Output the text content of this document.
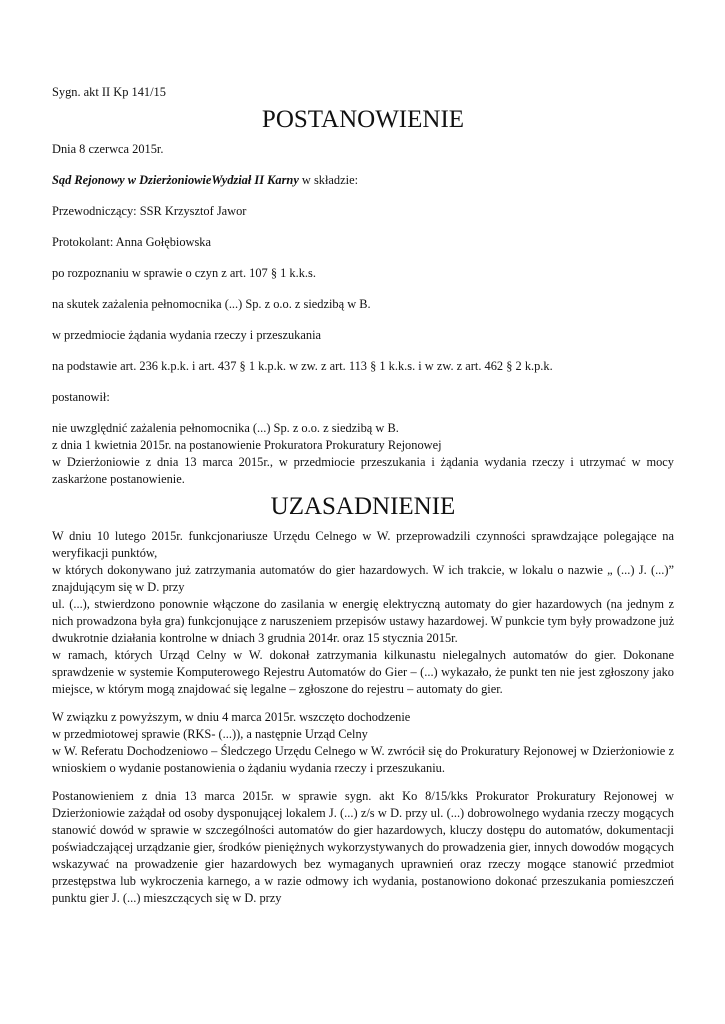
Sygn. akt II Kp 141/15
POSTANOWIENIE
Dnia 8 czerwca 2015r.
Sąd Rejonowy w DzierżoniowieWydział II Karny w składzie:
Przewodniczący: SSR Krzysztof Jawor
Protokolant: Anna Gołębiowska
po rozpoznaniu w sprawie o czyn z art. 107 § 1 k.k.s.
na skutek zażalenia pełnomocnika (...) Sp. z o.o. z siedzibą w B.
w przedmiocie żądania wydania rzeczy i przeszukania
na podstawie art. 236 k.p.k. i art. 437 § 1 k.p.k. w zw. z art. 113 § 1 k.k.s. i w zw. z art. 462 § 2 k.p.k.
postanowił:
nie uwzględnić zażalenia pełnomocnika (...) Sp. z o.o. z siedzibą w B.
z dnia 1 kwietnia 2015r. na postanowienie Prokuratora Prokuratury Rejonowej
w Dzierżoniowie z dnia 13 marca 2015r., w przedmiocie przeszukania i żądania wydania rzeczy i utrzymać w mocy zaskarżone postanowienie.
UZASADNIENIE
W dniu 10 lutego 2015r. funkcjonariusze Urzędu Celnego w W. przeprowadzili czynności sprawdzające polegające na weryfikacji punktów,
w których dokonywano już zatrzymania automatów do gier hazardowych. W ich trakcie, w lokalu o nazwie „ (...) J. (...)” znajdującym się w D. przy
ul. (...), stwierdzono ponownie włączone do zasilania w energię elektryczną automaty do gier hazardowych (na jednym z nich prowadzona była gra) funkcjonujące z naruszeniem przepisów ustawy hazardowej. W punkcie tym były prowadzone już dwukrotnie działania kontrolne w dniach 3 grudnia 2014r. oraz 15 stycznia 2015r.
w ramach, których Urząd Celny w W. dokonał zatrzymania kilkunastu nielegalnych automatów do gier. Dokonane sprawdzenie w systemie Komputerowego Rejestru Automatów do Gier – (...) wykazało, że punkt ten nie jest zgłoszony jako miejsce, w którym mogą znajdować się legalne – zgłoszone do rejestru – automaty do gier.
W związku z powyższym, w dniu 4 marca 2015r. wszczęto dochodzenie
w przedmiotowej sprawie (RKS- (...)), a następnie Urząd Celny
w W. Referatu Dochodzeniowo – Śledczego Urzędu Celnego w W. zwrócił się do Prokuratury Rejonowej w Dzierżoniowie z wnioskiem o wydanie postanowienia o żądaniu wydania rzeczy i przeszukaniu.
Postanowieniem z dnia 13 marca 2015r. w sprawie sygn. akt Ko 8/15/kks Prokurator Prokuratury Rejonowej w Dzierżoniowie zażądał od osoby dysponującej lokalem J. (...) z/s w D. przy ul. (...) dobrowolnego wydania rzeczy mogących stanowić dowód w sprawie w szczególności automatów do gier hazardowych, kluczy dostępu do automatów, dokumentacji poświadczającej urządzanie gier, środków pieniężnych wykorzystywanych do prowadzenia gier, innych dowodów mogących wskazywać na prowadzenie gier hazardowych bez wymaganych uprawnień oraz rzeczy mogące stanowić przedmiot przestępstwa lub wykroczenia karnego, a w razie odmowy ich wydania, postanowiono dokonać przeszukania pomieszczeń punktu gier J. (...) mieszczących się w D. przy
